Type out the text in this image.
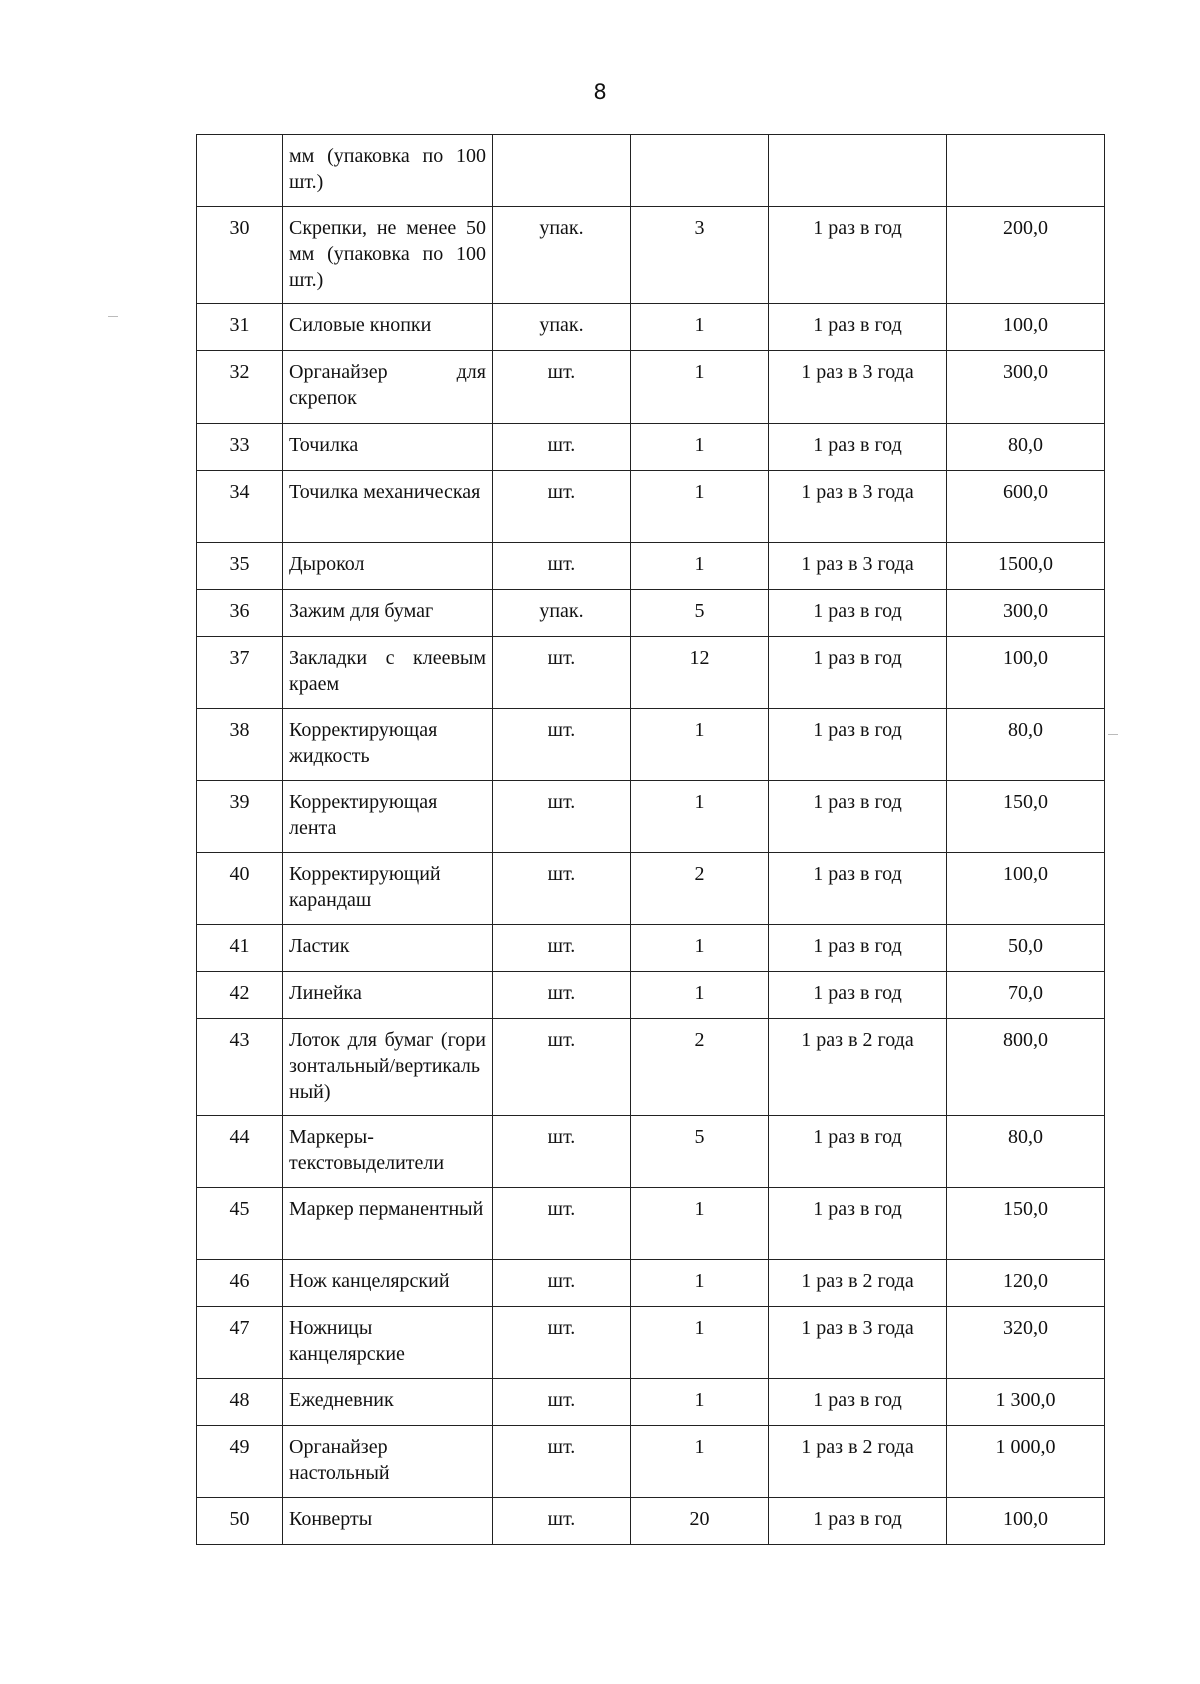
8
	мм (упаковка по 100 шт.)				
30	Скрепки, не менее 50 мм (упаковка по 100 шт.)	упак.	3	1 раз в год	200,0
31	Силовые кнопки	упак.	1	1 раз в год	100,0
32	Органайзер для скрепок	шт.	1	1 раз в 3 года	300,0
33	Точилка	шт.	1	1 раз в год	80,0
34	Точилка механическая	шт.	1	1 раз в 3 года	600,0
35	Дырокол	шт.	1	1 раз в 3 года	1500,0
36	Зажим для бумаг	упак.	5	1 раз в год	300,0
37	Закладки с клеевым краем	шт.	12	1 раз в год	100,0
38	Корректирующая жидкость	шт.	1	1 раз в год	80,0
39	Корректирующая лента	шт.	1	1 раз в год	150,0
40	Корректирующий карандаш	шт.	2	1 раз в год	100,0
41	Ластик	шт.	1	1 раз в год	50,0
42	Линейка	шт.	1	1 раз в год	70,0
43	Лоток для бумаг (горизонтальный/вертикальный)	шт.	2	1 раз в 2 года	800,0
44	Маркеры-текстовыделители	шт.	5	1 раз в год	80,0
45	Маркер перманентный	шт.	1	1 раз в год	150,0
46	Нож канцелярский	шт.	1	1 раз в 2 года	120,0
47	Ножницы канцелярские	шт.	1	1 раз в 3 года	320,0
48	Ежедневник	шт.	1	1 раз в год	1 300,0
49	Органайзер настольный	шт.	1	1 раз в 2 года	1 000,0
50	Конверты	шт.	20	1 раз в год	100,0
